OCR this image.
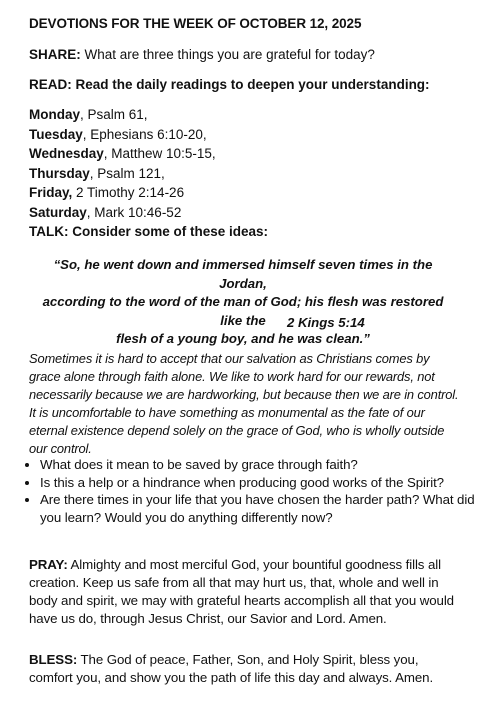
DEVOTIONS FOR THE WEEK OF OCTOBER 12, 2025
SHARE: What are three things you are grateful for today?
READ: Read the daily readings to deepen your understanding:
Monday, Psalm 61,
Tuesday, Ephesians 6:10-20,
Wednesday, Matthew 10:5-15,
Thursday, Psalm 121,
Friday, 2 Timothy 2:14-26
Saturday, Mark 10:46-52
TALK: Consider some of these ideas:
“So, he went down and immersed himself seven times in the Jordan,
according to the word of the man of God; his flesh was restored like the
flesh of a young boy, and he was clean.”
2 Kings 5:14
Sometimes it is hard to accept that our salvation as Christians comes by
grace alone through faith alone. We like to work hard for our rewards, not
necessarily because we are hardworking, but because then we are in control.
It is uncomfortable to have something as monumental as the fate of our
eternal existence depend solely on the grace of God, who is wholly outside
our control.
• What does it mean to be saved by grace through faith?
• Is this a help or a hindrance when producing good works of the Spirit?
• Are there times in your life that you have chosen the harder path? What did you learn? Would you do anything differently now?
PRAY: Almighty and most merciful God, your bountiful goodness fills all creation. Keep us safe from all that may hurt us, that, whole and well in body and spirit, we may with grateful hearts accomplish all that you would have us do, through Jesus Christ, our Savior and Lord. Amen.
BLESS: The God of peace, Father, Son, and Holy Spirit, bless you, comfort you, and show you the path of life this day and always. Amen.
